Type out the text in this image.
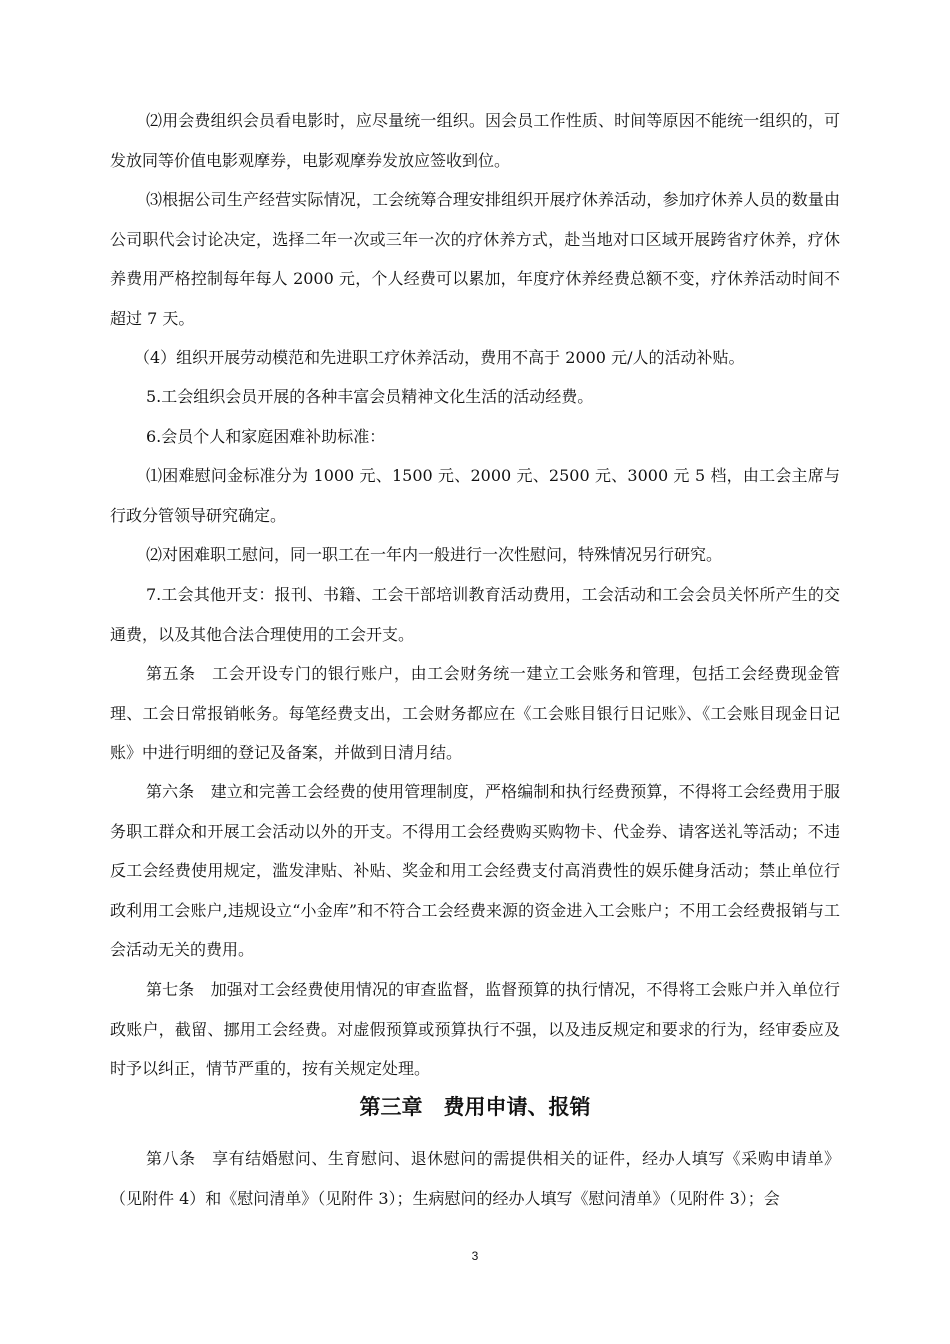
⑵用会费组织会员看电影时，应尽量统一组织。因会员工作性质、时间等原因不能统一组织的，可发放同等价值电影观摩券，电影观摩券发放应签收到位。

⑶根据公司生产经营实际情况，工会统筹合理安排组织开展疗休养活动，参加疗休养人员的数量由公司职代会讨论决定，选择二年一次或三年一次的疗休养方式，赴当地对口区域开展跨省疗休养，疗休养费用严格控制每年每人 2000 元，个人经费可以累加，年度疗休养经费总额不变，疗休养活动时间不超过 7 天。

（4）组织开展劳动模范和先进职工疗休养活动，费用不高于 2000 元/人的活动补贴。

5.工会组织会员开展的各种丰富会员精神文化生活的活动经费。

6.会员个人和家庭困难补助标准：

⑴困难慰问金标准分为 1000 元、1500 元、2000 元、2500 元、3000 元 5 档，由工会主席与行政分管领导研究确定。

⑵对困难职工慰问，同一职工在一年内一般进行一次性慰问，特殊情况另行研究。

7.工会其他开支：报刊、书籍、工会干部培训教育活动费用，工会活动和工会会员关怀所产生的交通费，以及其他合法合理使用的工会开支。

第五条　工会开设专门的银行账户，由工会财务统一建立工会账务和管理，包括工会经费现金管理、工会日常报销帐务。每笔经费支出，工会财务都应在《工会账目银行日记账》、《工会账目现金日记账》中进行明细的登记及备案，并做到日清月结。

第六条　建立和完善工会经费的使用管理制度，严格编制和执行经费预算，不得将工会经费用于服务职工群众和开展工会活动以外的开支。不得用工会经费购买购物卡、代金券、请客送礼等活动；不违反工会经费使用规定，滥发津贴、补贴、奖金和用工会经费支付高消费性的娱乐健身活动；禁止单位行政利用工会账户,违规设立“小金库”和不符合工会经费来源的资金进入工会账户；不用工会经费报销与工会活动无关的费用。

第七条　加强对工会经费使用情况的审查监督，监督预算的执行情况，不得将工会账户并入单位行政账户，截留、挪用工会经费。对虚假预算或预算执行不强，以及违反规定和要求的行为，经审委应及时予以纠正，情节严重的，按有关规定处理。

第三章　费用申请、报销

第八条　享有结婚慰问、生育慰问、退休慰问的需提供相关的证件，经办人填写《采购申请单》（见附件 4）和《慰问清单》（见附件 3）；生病慰问的经办人填写《慰问清单》（见附件 3）；会

3
